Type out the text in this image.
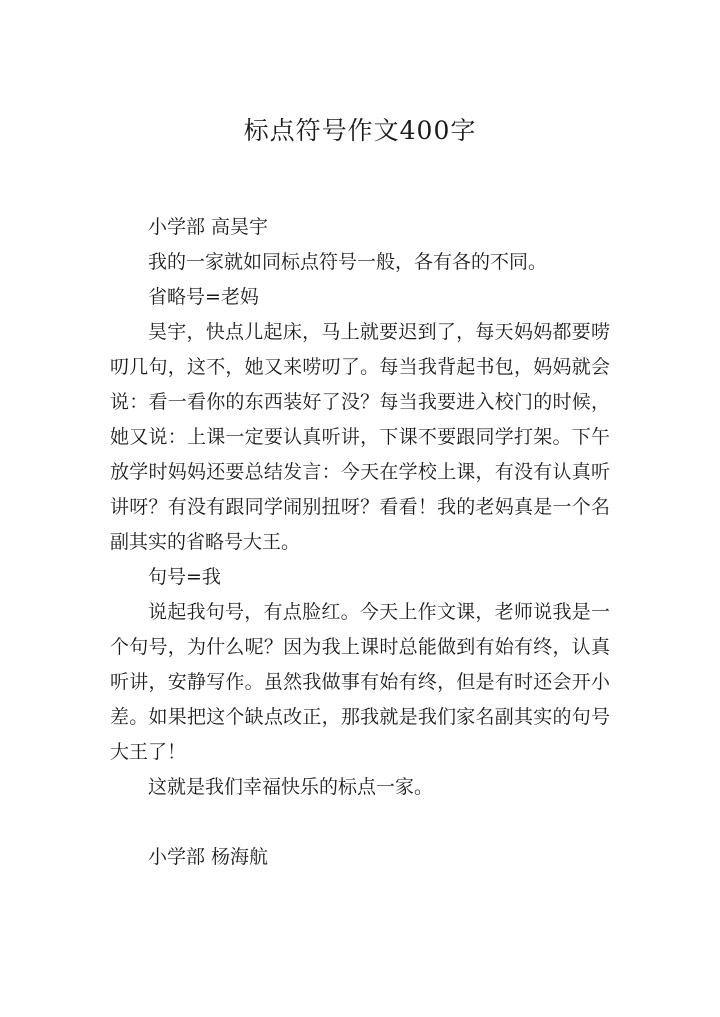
标点符号作文400字

小学部 高昊宇

我的一家就如同标点符号一般，各有各的不同。

省略号=老妈

昊宇，快点儿起床，马上就要迟到了，每天妈妈都要唠叨几句，这不，她又来唠叨了。每当我背起书包，妈妈就会说：看一看你的东西装好了没？每当我要进入校门的时候，她又说：上课一定要认真听讲，下课不要跟同学打架。下午放学时妈妈还要总结发言：今天在学校上课，有没有认真听讲呀？有没有跟同学闹别扭呀？看看！我的老妈真是一个名副其实的省略号大王。

句号=我

说起我句号，有点脸红。今天上作文课，老师说我是一个句号，为什么呢？因为我上课时总能做到有始有终，认真听讲，安静写作。虽然我做事有始有终，但是有时还会开小差。如果把这个缺点改正，那我就是我们家名副其实的句号大王了！

这就是我们幸福快乐的标点一家。

小学部 杨海航
